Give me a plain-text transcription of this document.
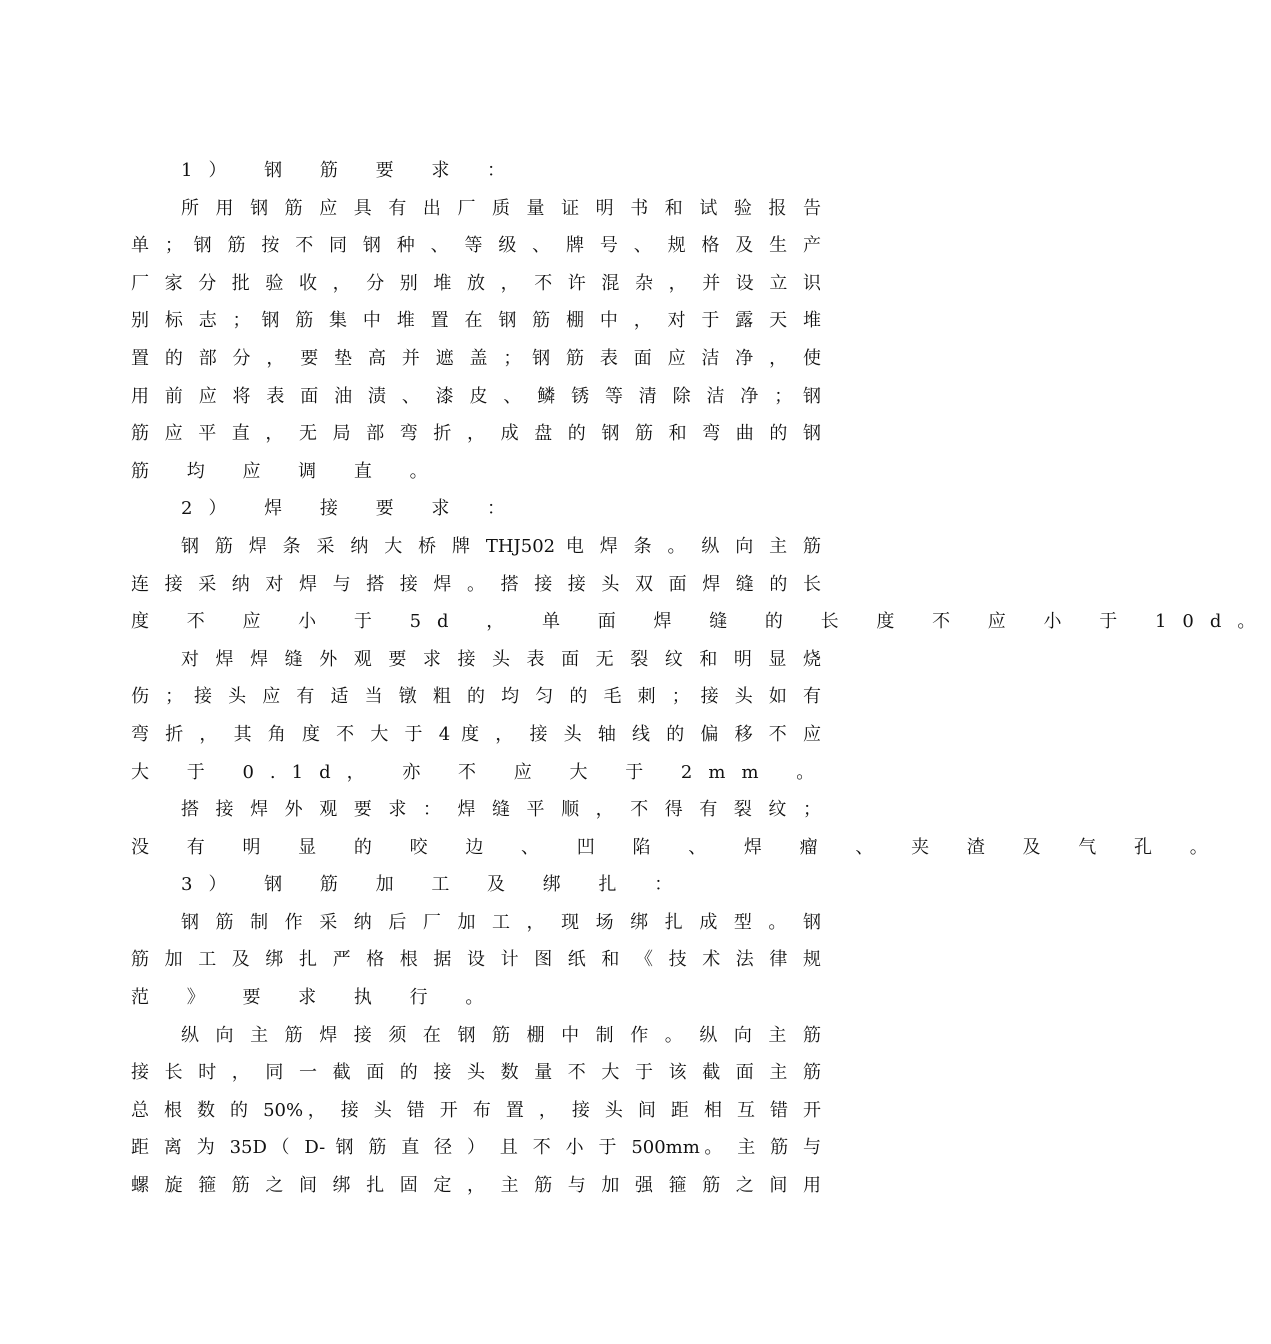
1） 钢 筋 要 求 ：
所 用 钢 筋 应 具 有 出 厂 质 量 证 明 书 和 试 验 报 告
单 ； 钢 筋 按 不 同 钢 种 、 等 级 、 牌 号 、 规 格 及 生 产
厂 家 分 批 验 收 ， 分 别 堆 放 ， 不 许 混 杂 ， 并 设 立 识
别 标 志 ； 钢 筋 集 中 堆 置 在 钢 筋 棚 中 ， 对 于 露 天 堆
置 的 部 分 ， 要 垫 高 并 遮 盖 ； 钢 筋 表 面 应 洁 净 ， 使
用 前 应 将 表 面 油 渍 、 漆 皮 、 鳞 锈 等 清 除 洁 净 ； 钢
筋 应 平 直 ， 无 局 部 弯 折 ， 成 盘 的 钢 筋 和 弯 曲 的 钢
筋 均 应 调 直 。
2） 焊 接 要 求 ：
钢 筋 焊 条 采 纳 大 桥 牌 THJ502 电 焊 条 。 纵 向 主 筋
连 接 采 纳 对 焊 与 搭 接 焊 。 搭 接 接 头 双 面 焊 缝 的 长
度 不 应 小 于 5d ， 单 面 焊 缝 的 长 度 不 应 小 于 10d。
对 焊 焊 缝 外 观 要 求 接 头 表 面 无 裂 纹 和 明 显 烧
伤 ； 接 头 应 有 适 当 镦 粗 的 均 匀 的 毛 刺 ； 接 头 如 有
弯 折 ， 其 角 度 不 大 于 4 度 ， 接 头 轴 线 的 偏 移 不 应
大 于 0.1d， 亦 不 应 大 于 2mm 。
搭 接 焊 外 观 要 求 ： 焊 缝 平 顺 ， 不 得 有 裂 纹 ；
没 有 明 显 的 咬 边 、 凹 陷 、 焊 瘤 、 夹 渣 及 气 孔 。
3） 钢 筋 加 工 及 绑 扎 ：
钢 筋 制 作 采 纳 后 厂 加 工 ， 现 场 绑 扎 成 型 。 钢
筋 加 工 及 绑 扎 严 格 根 据 设 计 图 纸 和 《 技 术 法 律 规
范 》 要 求 执 行 。
纵 向 主 筋 焊 接 须 在 钢 筋 棚 中 制 作 。 纵 向 主 筋
接 长 时 ， 同 一 截 面 的 接 头 数 量 不 大 于 该 截 面 主 筋
总 根 数 的 50%， 接 头 错 开 布 置 ， 接 头 间 距 相 互 错 开
距 离 为 35D（ D- 钢 筋 直 径 ） 且 不 小 于 500mm。 主 筋 与
螺 旋 箍 筋 之 间 绑 扎 固 定 ， 主 筋 与 加 强 箍 筋 之 间 用
